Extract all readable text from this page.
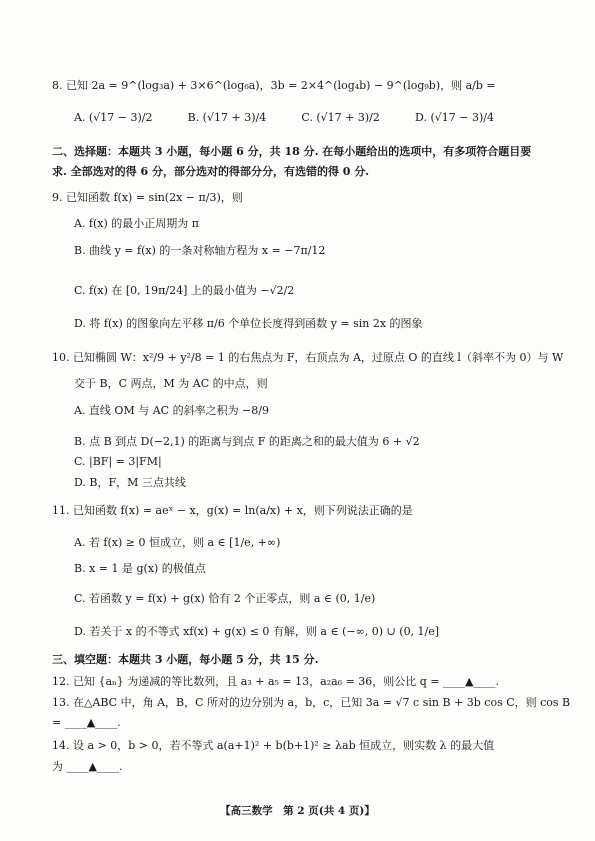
8. 已知 2a = 9^(log₃a) + 3×6^(log₆a)，3b = 2×4^(log₄b) − 9^(log₉b)，则 a/b =
A. (√17 − 3)/2	B. (√17 + 3)/4	C. (√17 + 3)/2	D. (√17 − 3)/4
二、选择题：本题共 3 小题，每小题 6 分，共 18 分. 在每小题给出的选项中，有多项符合题目要
求. 全部选对的得 6 分，部分选对的得部分分，有选错的得 0 分.
9. 已知函数 f(x) = sin(2x − π/3)，则
A. f(x) 的最小正周期为 π
B. 曲线 y = f(x) 的一条对称轴方程为 x = −7π/12
C. f(x) 在 [0, 19π/24] 上的最小值为 −√2/2
D. 将 f(x) 的图象向左平移 π/6 个单位长度得到函数 y = sin 2x 的图象
10. 已知椭圆 W：x²/9 + y²/8 = 1 的右焦点为 F，右顶点为 A，过原点 O 的直线 l（斜率不为 0）与 W
交于 B，C 两点，M 为 AC 的中点，则
A. 直线 OM 与 AC 的斜率之积为 −8/9
B. 点 B 到点 D(−2,1) 的距离与到点 F 的距离之和的最大值为 6 + √2
C. |BF| = 3|FM|
D. B，F，M 三点共线
11. 已知函数 f(x) = aeˣ − x，g(x) = ln(a/x) + x，则下列说法正确的是
A. 若 f(x) ≥ 0 恒成立，则 a ∈ [1/e, +∞)
B. x = 1 是 g(x) 的极值点
C. 若函数 y = f(x) + g(x) 恰有 2 个正零点，则 a ∈ (0, 1/e)
D. 若关于 x 的不等式 xf(x) + g(x) ≤ 0 有解，则 a ∈ (−∞, 0) ∪ (0, 1/e]
三、填空题：本题共 3 小题，每小题 5 分，共 15 分.
12. 已知 {aₙ} 为递减的等比数列，且 a₃ + a₅ = 13，a₂a₆ = 36，则公比 q = ____▲____.
13. 在△ABC 中，角 A，B，C 所对的边分别为 a，b，c，已知 3a = √7 c sin B + 3b cos C，则 cos B
= ____▲____.
14. 设 a > 0，b > 0，若不等式 a(a+1)² + b(b+1)² ≥ λab 恒成立，则实数 λ 的最大值
为 ____▲____.
【高三数学　第 2 页(共 4 页)】
